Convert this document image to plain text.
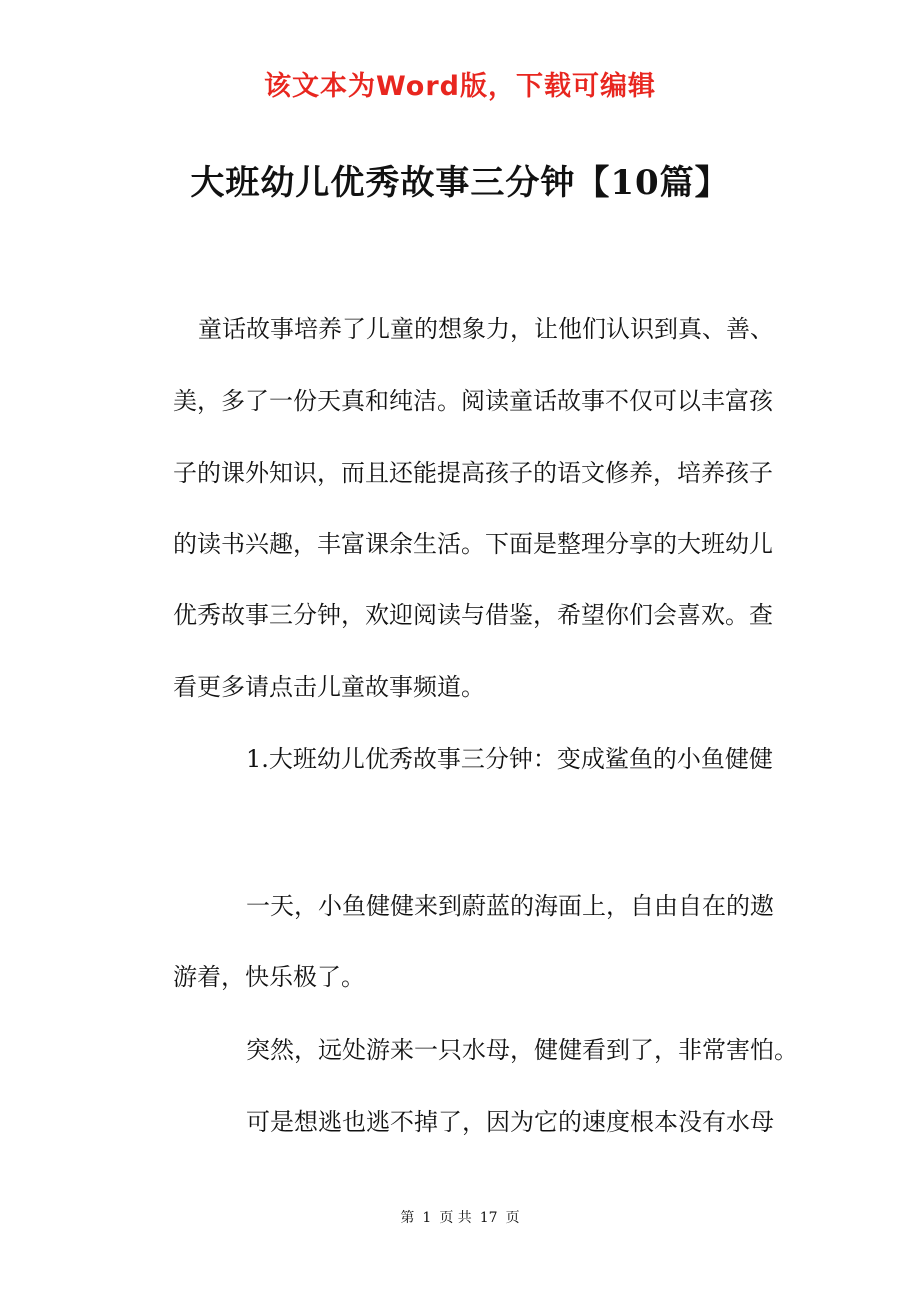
该文本为Word版，下载可编辑
大班幼儿优秀故事三分钟【10篇】
童话故事培养了儿童的想象力，让他们认识到真、善、
美，多了一份天真和纯洁。阅读童话故事不仅可以丰富孩
子的课外知识，而且还能提高孩子的语文修养，培养孩子
的读书兴趣，丰富课余生活。下面是整理分享的大班幼儿
优秀故事三分钟，欢迎阅读与借鉴，希望你们会喜欢。查
看更多请点击儿童故事频道。
1.大班幼儿优秀故事三分钟：变成鲨鱼的小鱼健健
一天，小鱼健健来到蔚蓝的海面上，自由自在的遨
游着，快乐极了。
突然，远处游来一只水母，健健看到了，非常害怕。
可是想逃也逃不掉了，因为它的速度根本没有水母
第 1 页 共 17 页
